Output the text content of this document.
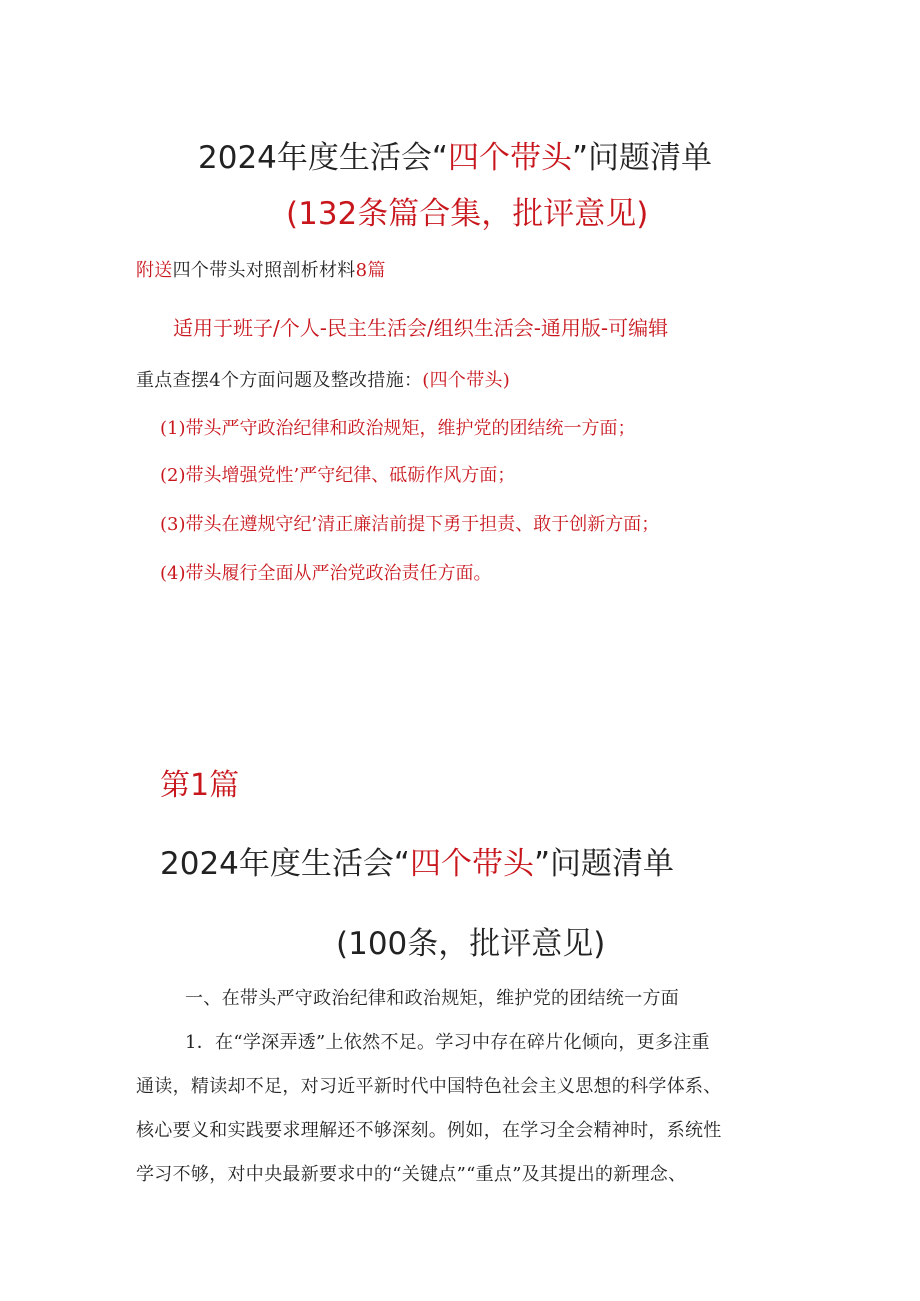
2024年度生活会“四个带头”问题清单
(132条篇合集，批评意见)
附送四个带头对照剖析材料8篇
适用于班子/个人-民主生活会/组织生活会-通用版-可编辑
重点查摆4个方面问题及整改措施：(四个带头)
(1)带头严守政治纪律和政治规矩，维护党的团结统一方面；
(2)带头增强党性’严守纪律、砥砺作风方面；
(3)带头在遵规守纪’清正廉洁前提下勇于担责、敢于创新方面；
(4)带头履行全面从严治党政治责任方面。
第1篇
2024年度生活会“四个带头”问题清单
(100条，批评意见)
一、在带头严守政治纪律和政治规矩，维护党的团结统一方面
1．在“学深弄透”上依然不足。学习中存在碎片化倾向，更多注重
通读，精读却不足，对习近平新时代中国特色社会主义思想的科学体系、
核心要义和实践要求理解还不够深刻。例如，在学习全会精神时，系统性
学习不够，对中央最新要求中的“关键点”“重点”及其提出的新理念、
